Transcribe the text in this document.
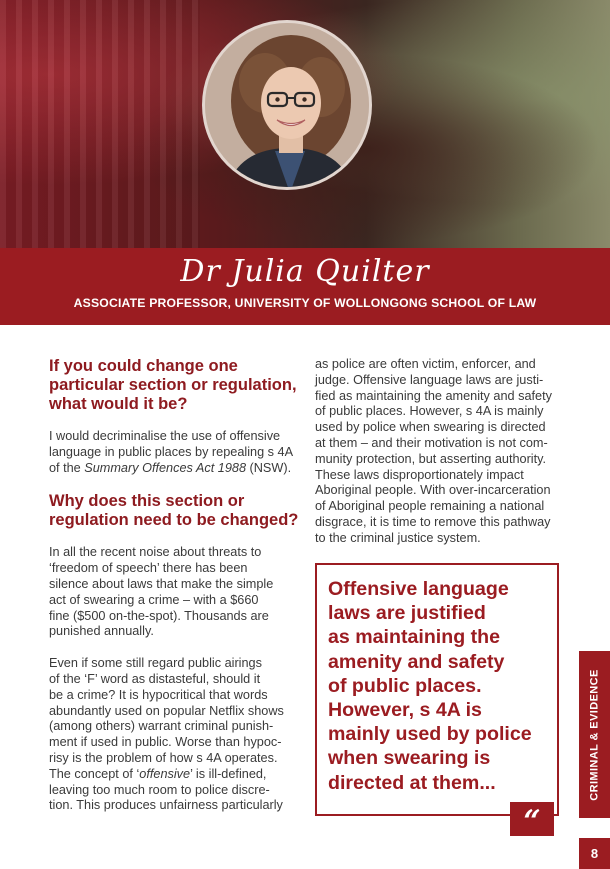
Dr Julia Quilter
ASSOCIATE PROFESSOR, UNIVERSITY OF WOLLONGONG SCHOOL OF LAW
If you could change one
particular section or regulation,
what would it be?
I would decriminalise the use of offensive
language in public places by repealing s 4A
of the Summary Offences Act 1988 (NSW).
Why does this section or
regulation need to be changed?
In all the recent noise about threats to
‘freedom of speech’ there has been
silence about laws that make the simple
act of swearing a crime – with a $660
fine ($500 on-the-spot). Thousands are
punished annually.
Even if some still regard public airings
of the ‘F’ word as distasteful, should it
be a crime? It is hypocritical that words
abundantly used on popular Netflix shows
(among others) warrant criminal punish-
ment if used in public. Worse than hypoc-
risy is the problem of how s 4A operates.
The concept of ‘offensive’ is ill-defined,
leaving too much room to police discre-
tion. This produces unfairness particularly
as police are often victim, enforcer, and
judge. Offensive language laws are justi-
fied as maintaining the amenity and safety
of public places. However, s 4A is mainly
used by police when swearing is directed
at them – and their motivation is not com-
munity protection, but asserting authority.
These laws disproportionately impact
Aboriginal people. With over-incarceration
of Aboriginal people remaining a national
disgrace, it is time to remove this pathway
to the criminal justice system.
Offensive language
laws are justified
as maintaining the
amenity and safety
of public places.
However, s 4A is
mainly used by police
when swearing is
directed at them...
“
CRIMINAL & EVIDENCE
8
